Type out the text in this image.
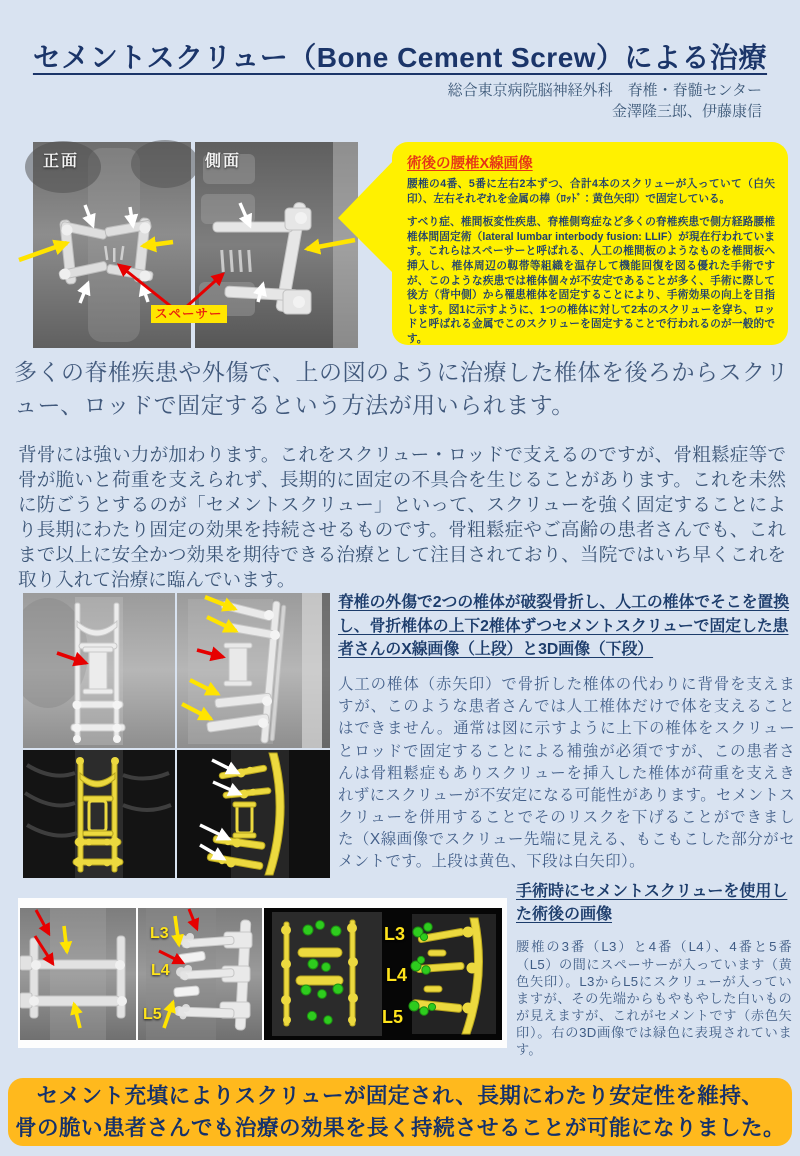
セメントスクリュー（Bone Cement Screw）による治療
総合東京病院脳神経外科　脊椎・脊髄センター
金澤隆三郎、伊藤康信
正面	側面
スペーサー
術後の腰椎X線画像

腰椎の4番、5番に左右2本ずつ、合計4本のスクリューが入っていて（白矢印）、左右それぞれを金属の棒（ﾛｯﾄﾞ：黄色矢印）で固定している。

すべり症、椎間板変性疾患、脊椎側弯症など多くの脊椎疾患で側方経路腰椎椎体間固定術（lateral lumbar interbody fusion: LLIF）が現在行われています。これらはスペーサーと呼ばれる、人工の椎間板のようなものを椎間板へ挿入し、椎体周辺の靱帯等組織を温存して機能回復を図る優れた手術ですが、このような疾患では椎体個々が不安定であることが多く、手術に際して後方（背中側）から罹患椎体を固定することにより、手術効果の向上を目指します。図1に示すように、1つの椎体に対して2本のスクリューを穿ち、ロッドと呼ばれる金属でこのスクリューを固定することで行われるのが一般的です。

多くの脊椎疾患や外傷で、上の図のように治療した椎体を後ろからスクリュー、ロッドで固定するという方法が用いられます。
背骨には強い力が加わります。これをスクリュー・ロッドで支えるのですが、骨粗鬆症等で骨が脆いと荷重を支えられず、長期的に固定の不具合を生じることがあります。これを未然に防ごうとするのが「セメントスクリュー」といって、スクリューを強く固定することにより長期にわたり固定の効果を持続させるものです。骨粗鬆症やご高齢の患者さんでも、これまで以上に安全かつ効果を期待できる治療として注目されており、当院ではいち早くこれを取り入れて治療に臨んでいます。
脊椎の外傷で2つの椎体が破裂骨折し、人工の椎体でそこを置換し、骨折椎体の上下2椎体ずつセメントスクリューで固定した患者さんのX線画像（上段）と3D画像（下段）

人工の椎体（赤矢印）で骨折した椎体の代わりに背骨を支えますが、このような患者さんでは人工椎体だけで体を支えることはできません。通常は図に示すように上下の椎体をスクリューとロッドで固定することによる補強が必須ですが、この患者さんは骨粗鬆症もありスクリューを挿入した椎体が荷重を支えきれずにスクリューが不安定になる可能性があります。セメントスクリューを併用することでそのリスクを下げることができました（X線画像でスクリュー先端に見える、もこもこした部分がセメントです。上段は黄色、下段は白矢印）。

L3
L4
L5
L3
L4
L5
手術時にセメントスクリューを使用した術後の画像

腰椎の3番（L3）と4番（L4）、4番と5番（L5）の間にスペーサーが入っています（黄色矢印）。L3からL5にスクリューが入っていますが、その先端からもやもやした白いものが見えますが、これがセメントです（赤色矢印）。右の3D画像では緑色に表現されています。

セメント充填によりスクリューが固定され、長期にわたり安定性を維持、
骨の脆い患者さんでも治療の効果を長く持続させることが可能になりました。
